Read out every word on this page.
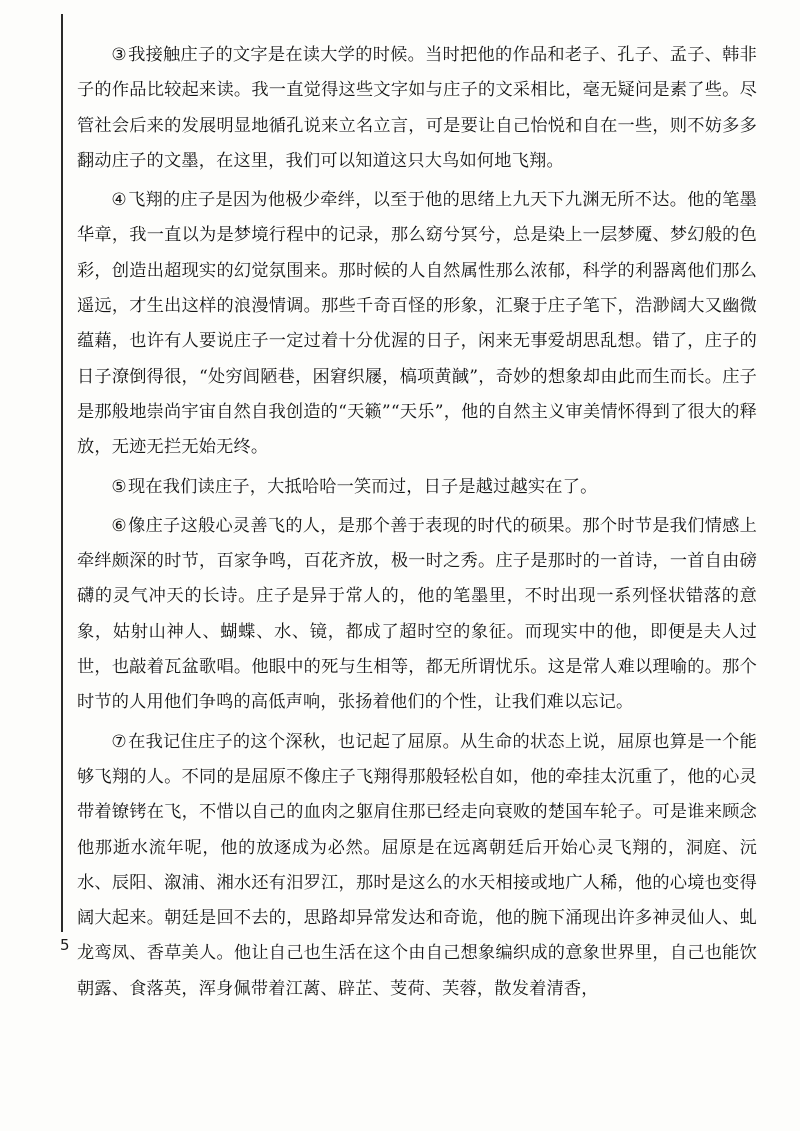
③我接触庄子的文字是在读大学的时候。当时把他的作品和老子、孔子、孟子、韩非子的作品比较起来读。我一直觉得这些文字如与庄子的文采相比，毫无疑问是素了些。尽管社会后来的发展明显地循孔说来立名立言，可是要让自己怡悦和自在一些，则不妨多多翻动庄子的文墨，在这里，我们可以知道这只大鸟如何地飞翔。

④飞翔的庄子是因为他极少牵绊，以至于他的思绪上九天下九渊无所不达。他的笔墨华章，我一直以为是梦境行程中的记录，那么窈兮冥兮，总是染上一层梦魇、梦幻般的色彩，创造出超现实的幻觉氛围来。那时候的人自然属性那么浓郁，科学的利器离他们那么遥远，才生出这样的浪漫情调。那些千奇百怪的形象，汇聚于庄子笔下，浩渺阔大又幽微蕴藉，也许有人要说庄子一定过着十分优渥的日子，闲来无事爱胡思乱想。错了，庄子的日子潦倒得很，“处穷闾陋巷，困窘织屦，槁项黄馘”，奇妙的想象却由此而生而长。庄子是那般地崇尚宇宙自然自我创造的“天籁”“天乐”，他的自然主义审美情怀得到了很大的释放，无迹无拦无始无终。

⑤现在我们读庄子，大抵哈哈一笑而过，日子是越过越实在了。

⑥像庄子这般心灵善飞的人，是那个善于表现的时代的硕果。那个时节是我们情感上牵绊颇深的时节，百家争鸣，百花齐放，极一时之秀。庄子是那时的一首诗，一首自由磅礴的灵气冲天的长诗。庄子是异于常人的，他的笔墨里，不时出现一系列怪状错落的意象，姑射山神人、蝴蝶、水、镜，都成了超时空的象征。而现实中的他，即便是夫人过世，也敲着瓦盆歌唱。他眼中的死与生相等，都无所谓忧乐。这是常人难以理喻的。那个时节的人用他们争鸣的高低声响，张扬着他们的个性，让我们难以忘记。

⑦在我记住庄子的这个深秋，也记起了屈原。从生命的状态上说，屈原也算是一个能够飞翔的人。不同的是屈原不像庄子飞翔得那般轻松自如，他的牵挂太沉重了，他的心灵带着镣铐在飞，不惜以自己的血肉之躯肩住那已经走向衰败的楚国车轮子。可是谁来顾念他那逝水流年呢，他的放逐成为必然。屈原是在远离朝廷后开始心灵飞翔的，洞庭、沅水、辰阳、溆浦、湘水还有汨罗江，那时是这么的水天相接或地广人稀，他的心境也变得阔大起来。朝廷是回不去的，思路却异常发达和奇诡，他的腕下涌现出许多神灵仙人、虬龙鸾凤、香草美人。他让自己也生活在这个由自己想象编织成的意象世界里，自己也能饮朝露、食落英，浑身佩带着江蓠、辟芷、芰荷、芙蓉，散发着清香，

5
